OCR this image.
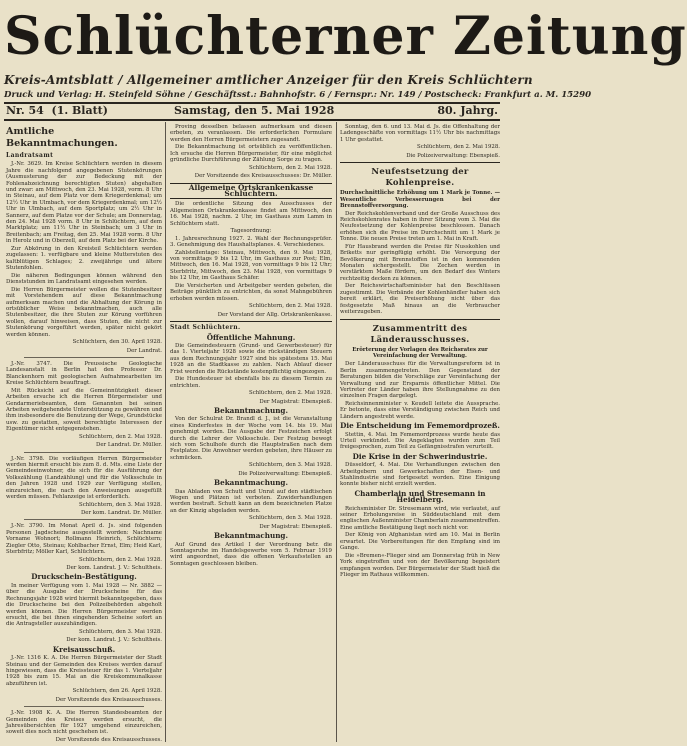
Schlüchterner Zeitung
Kreis-Amtsblatt / Allgemeiner amtlicher Anzeiger für den Kreis Schlüchtern
Druck und Verlag: H. Steinfeld Söhne / Geschäftsst.: Bahnhofstr. 6 / Fernspr.: Nr. 149 / Postscheck: Frankfurt a. M. 15290
Nr. 54 (1. Blatt)	Samstag, den 5. Mai 1928	80. Jahrg.
Amtliche Bekanntmachungen.
Landratsamt

J.-Nr. 3629. Im Kreise Schlüchtern werden in diesem Jahre die nachfolgend angegebenen Stutenkörungen (Ausmusterung der zur Bedeckung mit der Fohlenabzeichnung berechtigten Stuten) abgehalten und zwar: am Mittwoch, den 23. Mai 1928, vorm. 8 Uhr in Steinau, auf dem Platz vor dem Kriegerdenkmal; um 12½ Uhr in Ulmbach, vor dem Kriegerdenkmal; um 12½ Uhr in Ulmbach, auf dem Sportplatz; um 2½ Uhr in Sannerz, auf dem Platze vor der Schule; am Donnerstag, den 24. Mai 1928 vorm. 8 Uhr in Schlüchtern, auf dem Marktplatz; um 11½ Uhr in Steinbach; um 3 Uhr in Breitenbach; am Freitag, den 25. Mai 1928 vorm. 8 Uhr in Herolz und in Oberzell, auf dem Platz bei der Kirche.

Zur Abkörung in den Kreisteil Schlüchtern werden zugelassen: 1. verfügbare und kleine Mutterstuten des kaltblütigen Schlages; 2. zweijährige und ältere Stutenfohlen.

Die näheren Bedingungen können während den Dienststunden im Landratsamt eingesehen werden.

Die Herren Bürgermeister wollen die Stutenbesitzer mit Vorstehendem auf diese Bekanntmachung aufmerksam machen und die Abhaltung der Körung in ortsüblicher Weise bekanntmachen, auch alle Stutenbesitzer, die ihre Stuten zur Körung vorführen wollen, darauf hinweisen, dass Stuten, die nicht zur Stutenkörung vorgeführt werden, später nicht gekört werden können.

Schlüchtern, den 30. April 1928.

Der Landrat.

J.-Nr. 3747. Die Preussische Geologische Landesanstalt in Berlin hat den Professor Dr. Blanckenhorn mit geologischen Aufnahmearbeiten im Kreise Schlüchtern beauftragt.

Mit Rücksicht auf die Gemeinnützigkeit dieser Arbeiten ersuche ich die Herren Bürgermeister und Gendarmeriebeamten, dem Genannten bei seinen Arbeiten weitgehendste Unterstützung zu gewähren und ihm insbesondere die Benutzung der Wege, Grundstücke usw. zu gestatten, soweit berechtigte Interessen der Eigentümer nicht entgegenstehen.

Schlüchtern, den 2. Mai 1928.

Der Landrat. Dr. Müller.

J.-Nr. 3798. Die vorläufigen Herren Bürgermeister werden hiermit ersucht bis zum 8. d. Mts. eine Liste der Gemeindeeinwohner, die sich für die Ausführung der Volkszählung (Landzählung) und für die Volksschule in den Jahren 1928 und 1929 zur Verfügung stellen, einzureichen, die nach den Anweisungen ausgefüllt werden müssen. Fehlanzeige ist erforderlich.

Schlüchtern, den 3. Mai 1928.

Der kom. Landrat. Dr. Müller.

J.-Nr. 3790. Im Monat April d. Js. sind folgenden Personen Jagdscheine ausgestellt worden: Nachname Vorname Wohnort; Rollmann Heinrich, Schlüchtern; Ziegler Otto, Steinau; Kohlbacher Ernst, Elm; Heid Karl, Sterbfritz; Möller Karl, Schlüchtern.

Schlüchtern, den 2. Mai 1928.

Der kom. Landrat. J. V.: Schultheis.

Druckschein-Bestätigung.

In meiner Verfügung vom 1. Mai 1928 — Nr. 3882 — über die Ausgabe der Druckscheine für das Rechnungsjahr 1928 wird hiermit bekanntgegeben, dass die Druckscheine bei den Polizeibehörden abgeholt werden können. Die Herren Bürgermeister werden ersucht, die bei ihnen eingehenden Scheine sofort an die Antragsteller auszuhändigen.

Schlüchtern, den 3. Mai 1928.

Der kom. Landrat. J. V.: Schultheis.

Kreisausschuß.

J.-Nr. 1316 K. A. Die Herren Bürgermeister der Stadt Steinau und der Gemeinden des Kreises werden darauf hingewiesen, dass die Kreissteuer für das 1. Vierteljahr 1928 bis zum 15. Mai an die Kreiskommunalkasse abzuführen ist.

Schlüchtern, den 26. April 1928.

Der Vorsitzende des Kreisausschusses.

J.-Nr. 1908 K. A. Die Herren Standesbeamten der Gemeinden des Kreises werden ersucht, die Jahresübersichten für 1927 umgehend einzureichen, soweit dies noch nicht geschehen ist.

Der Vorsitzende des Kreisausschusses.

Proving desselben belassen aufmerksam und diesen erbeten, zu veranlassen. Die erforderlichen Formulare werden den Herren Bürgermeistern zugesandt.

Die Bekanntmachung ist ortsüblich zu veröffentlichen. Ich ersuche die Herren Bürgermeister, für eine möglichst gründliche Durchführung der Zählung Sorge zu tragen.

Schlüchtern, den 2. Mai 1928.

Der Vorsitzende des Kreisausschusses: Dr. Müller.

Allgemeine Ortskrankenkasse Schlüchtern.

Die ordentliche Sitzung des Ausschusses der Allgemeinen Ortskrankenkasse findet am Mittwoch, den 16. Mai 1928, nachm. 2 Uhr, im Gasthaus zum Lamm in Schlüchtern statt.

Tagesordnung:

1. Jahresrechnung 1927. 2. Wahl der Rechnungsprüfer. 3. Genehmigung des Haushaltsplanes. 4. Verschiedenes.

Zahlstellentage: Steinau, Mittwoch, den 9. Mai 1928, von vormittags 9 bis 12 Uhr, im Gasthaus zur Post; Elm, Mittwoch, den 16. Mai 1928, von vormittags 9 bis 12 Uhr; Sterbfritz, Mittwoch, den 23. Mai 1928, von vormittags 9 bis 12 Uhr, im Gasthaus Schäfer.

Die Versicherten und Arbeitgeber werden gebeten, die Beiträge pünktlich zu entrichten, da sonst Mahngebühren erhoben werden müssen.

Schlüchtern, den 2. Mai 1928.

Der Vorstand der Allg. Ortskrankenkasse.

Stadt Schlüchtern.
Öffentliche Mahnung.

Die Gemeindesteuern (Grund- und Gewerbesteuer) für das 1. Vierteljahr 1928 sowie die rückständigen Steuern aus dem Rechnungsjahr 1927 sind bis spätestens 15. Mai 1928 an die Stadtkasse zu zahlen. Nach Ablauf dieser Frist werden die Rückstände kostenpflichtig eingezogen.

Die Hundesteuer ist ebenfalls bis zu diesem Termin zu entrichten.

Schlüchtern, den 2. Mai 1928.

Der Magistrat: Ebenspieß.

Bekanntmachung.

Von der Schulrat Dr. Brandl d. J., ist die Veranstaltung eines Kinderfestes in der Woche vom 14. bis 19. Mai genehmigt worden. Die Ausgabe der Festzeichen erfolgt durch die Lehrer der Volksschule. Der Festzug bewegt sich vom Schulhofe durch die Hauptstraßen nach dem Festplatze. Die Anwohner werden gebeten, ihre Häuser zu schmücken.

Schlüchtern, den 3. Mai 1928.

Die Polizeiverwaltung: Ebenspieß.

Bekanntmachung.

Das Abladen von Schutt und Unrat auf den städtischen Wegen und Plätzen ist verboten. Zuwiderhandlungen werden bestraft. Schutt kann an dem bezeichneten Platze an der Kinzig abgeladen werden.

Schlüchtern, den 3. Mai 1928.

Der Magistrat: Ebenspieß.

Bekanntmachung.

Auf Grund des Artikel I der Verordnung betr. die Sonntagsruhe im Handelsgewerbe vom 5. Februar 1919 wird angeordnet, dass die offenen Verkaufsstellen an Sonntagen geschlossen bleiben.

Sonntag, den 6. und 13. Mai d. Js. die Offenhaltung der Ladengeschäfte von vormittags 11½ Uhr bis nachmittags 1 Uhr gestattet.

Schlüchtern, den 2. Mai 1928.

Die Polizeiverwaltung: Ebenspieß.

Neufestsetzung der Kohlenpreise.

Durchschnittliche Erhöhung um 1 Mark je Tonne. — Wesentliche Verbesserungen bei der Brennstoffversorgung.

Der Reichskohlenverband und der Große Ausschuss des Reichskohlenrates haben in ihrer Sitzung vom 3. Mai die Neufestsetzung der Kohlenpreise beschlossen. Danach erhöhen sich die Preise im Durchschnitt um 1 Mark je Tonne. Die neuen Preise treten am 1. Mai in Kraft.

Für Hausbrand werden die Preise für Nusskohlen und Briketts nur geringfügig erhöht. Die Versorgung der Bevölkerung mit Brennstoffen ist in den kommenden Monaten sichergestellt. Die Zechen werden in verstärktem Maße fördern, um den Bedarf des Winters rechtzeitig decken zu können.

Der Reichswirtschaftsminister hat den Beschlüssen zugestimmt. Die Verbände der Kohlenhändler haben sich bereit erklärt, die Preiserhöhung nicht über das festgesetzte Maß hinaus an die Verbraucher weiterzugeben.

Zusammentritt des Länderausschusses.

Erörterung der Vorlagen des Reichsrates zur Vereinfachung der Verwaltung.

Der Länderausschuss für die Verwaltungsreform ist in Berlin zusammengetreten. Den Gegenstand der Beratungen bilden die Vorschläge zur Vereinfachung der Verwaltung und zur Ersparnis öffentlicher Mittel. Die Vertreter der Länder haben ihre Stellungnahme zu den einzelnen Fragen dargelegt.

Reichsinnenminister v. Keudell leitete die Aussprache. Er betonte, dass eine Verständigung zwischen Reich und Ländern angestrebt werde.

Die Entscheidung im Fememordprozeß.

Stettin, 4. Mai. Im Fememordprozess wurde heute das Urteil verkündet. Die Angeklagten wurden zum Teil freigesprochen, zum Teil zu Gefängnisstrafen verurteilt.

Die Krise in der Schwerindustrie.

Düsseldorf, 4. Mai. Die Verhandlungen zwischen den Arbeitgebern und Gewerkschaften der Eisen- und Stahlindustrie sind fortgesetzt worden. Eine Einigung konnte bisher nicht erzielt werden.

Chamberlain und Stresemann in Heidelberg.

Reichsminister Dr. Stresemann wird, wie verlautet, auf seiner Erholungsreise in Süddeutschland mit dem englischen Außenminister Chamberlain zusammentreffen. Eine amtliche Bestätigung liegt noch nicht vor.

Der König von Afghanistan wird am 10. Mai in Berlin erwartet. Die Vorbereitungen für den Empfang sind im Gange.

Die »Bremen«-Flieger sind am Donnerstag früh in New York eingetroffen und von der Bevölkerung begeistert empfangen worden. Der Bürgermeister der Stadt hieß die Flieger im Rathaus willkommen.
